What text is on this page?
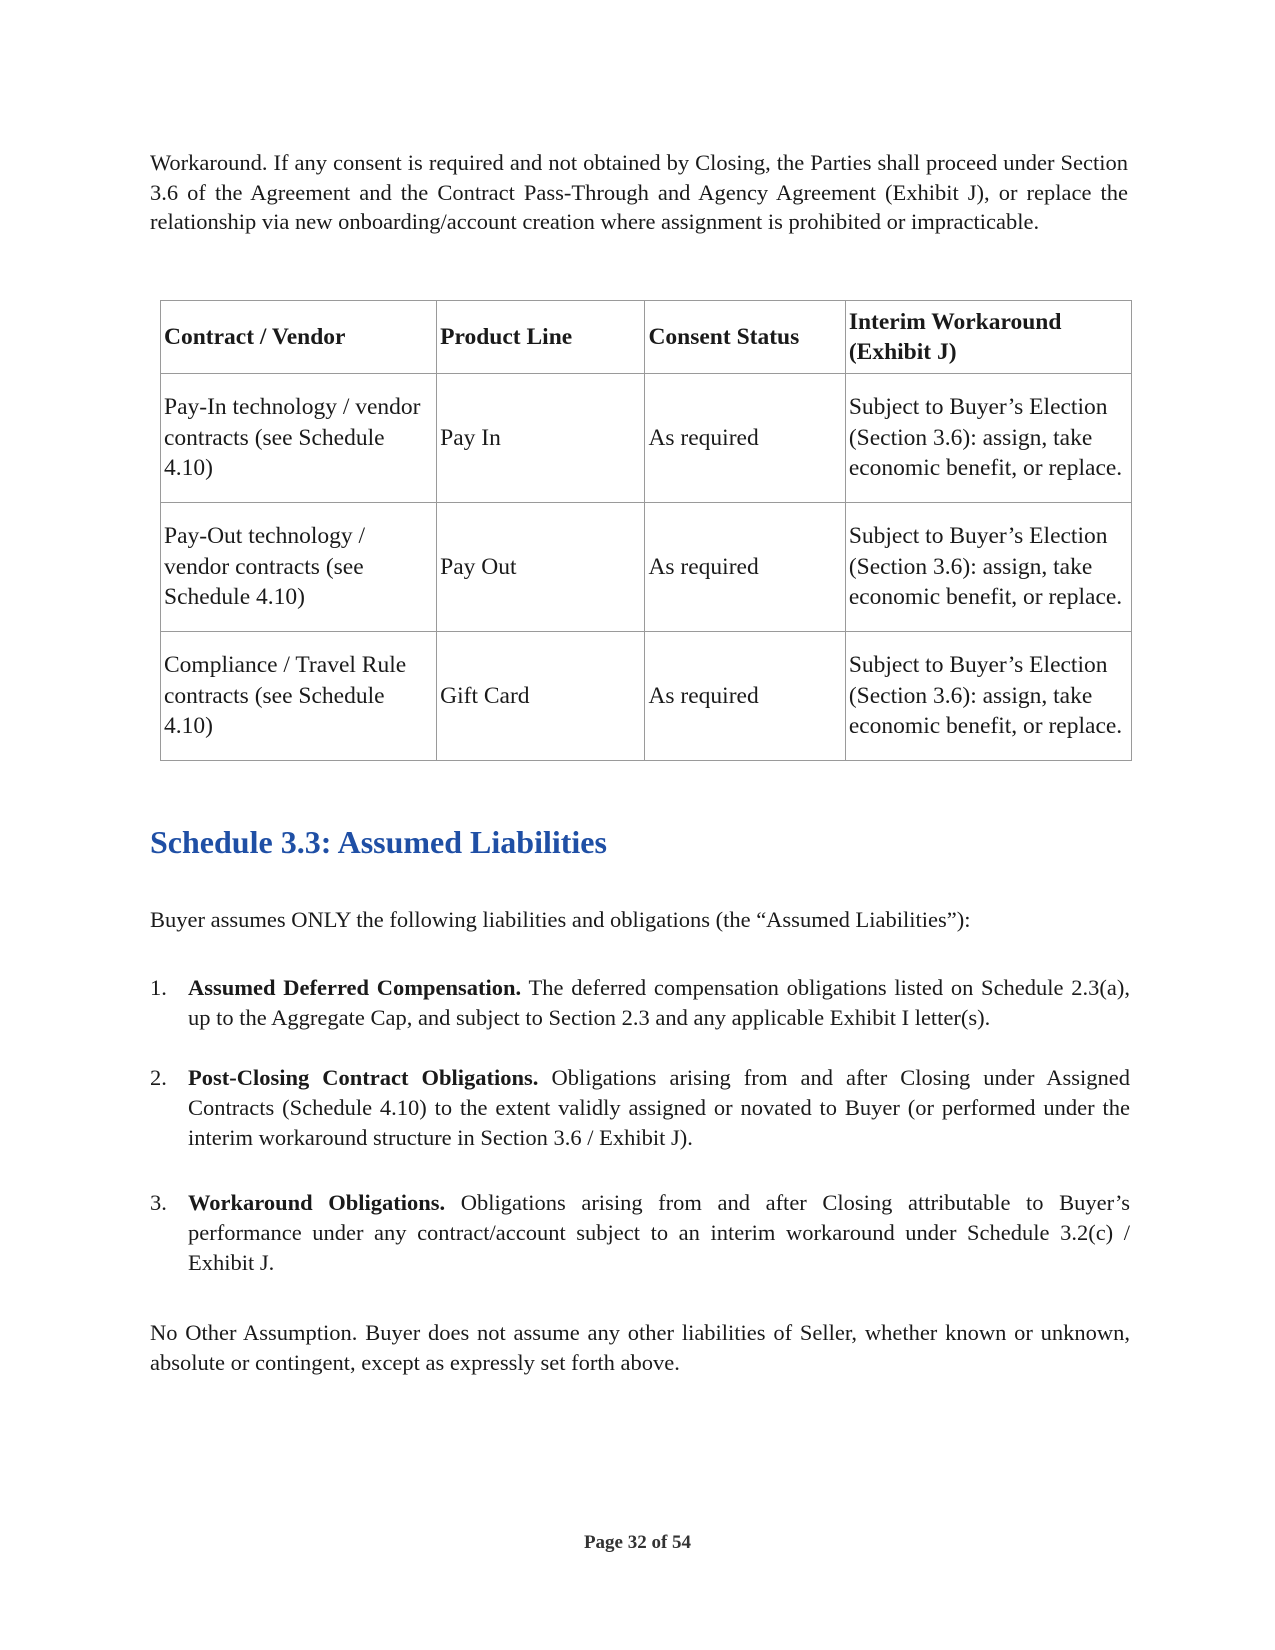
Workaround. If any consent is required and not obtained by Closing, the Parties shall proceed under Section 3.6 of the Agreement and the Contract Pass-Through and Agency Agreement (Exhibit J), or replace the relationship via new onboarding/account creation where assignment is prohibited or impracticable.

Contract / Vendor	Product Line	Consent Status	Interim Workaround (Exhibit J)
Pay-In technology / vendor contracts (see Schedule 4.10)	Pay In	As required	Subject to Buyer’s Election (Section 3.6): assign, take economic benefit, or replace.
Pay-Out technology / vendor contracts (see Schedule 4.10)	Pay Out	As required	Subject to Buyer’s Election (Section 3.6): assign, take economic benefit, or replace.
Compliance / Travel Rule contracts (see Schedule 4.10)	Gift Card	As required	Subject to Buyer’s Election (Section 3.6): assign, take economic benefit, or replace.
Schedule 3.3: Assumed Liabilities

Buyer assumes ONLY the following liabilities and obligations (the “Assumed Liabilities”):

1. Assumed Deferred Compensation. The deferred compensation obligations listed on Schedule 2.3(a), up to the Aggregate Cap, and subject to Section 2.3 and any applicable Exhibit I letter(s).
2. Post-Closing Contract Obligations. Obligations arising from and after Closing under Assigned Contracts (Schedule 4.10) to the extent validly assigned or novated to Buyer (or performed under the interim workaround structure in Section 3.6 / Exhibit J).
3. Workaround Obligations. Obligations arising from and after Closing attributable to Buyer’s performance under any contract/account subject to an interim workaround under Schedule 3.2(c) / Exhibit J.

No Other Assumption. Buyer does not assume any other liabilities of Seller, whether known or unknown, absolute or contingent, except as expressly set forth above.

Page 32 of 54
